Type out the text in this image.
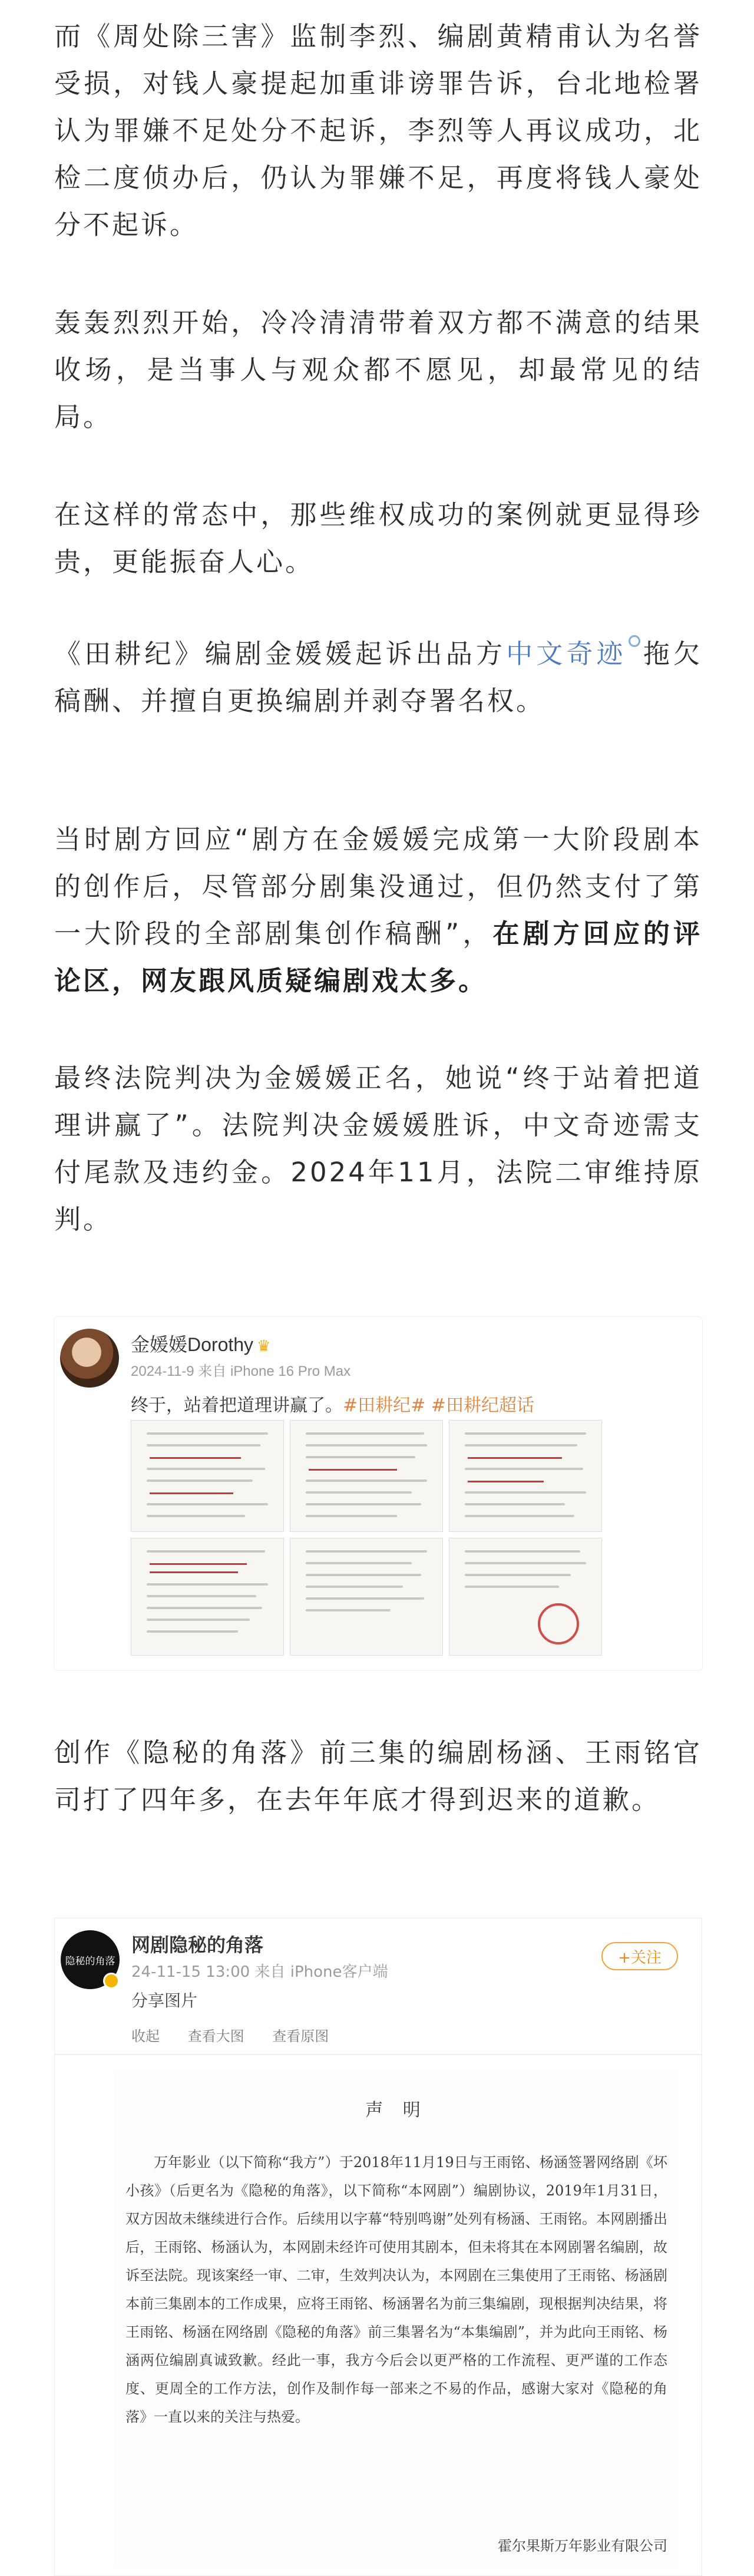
而《周处除三害》监制李烈、编剧黄精甫认为名誉受损，对钱人豪提起加重诽谤罪告诉，台北地检署认为罪嫌不足处分不起诉，李烈等人再议成功，北检二度侦办后，仍认为罪嫌不足，再度将钱人豪处分不起诉。
轰轰烈烈开始，冷冷清清带着双方都不满意的结果收场，是当事人与观众都不愿见，却最常见的结局。
在这样的常态中，那些维权成功的案例就更显得珍贵，更能振奋人心。
《田耕纪》编剧金媛媛起诉出品方中文奇迹 拖欠稿酬、并擅自更换编剧并剥夺署名权。
当时剧方回应“剧方在金媛媛完成第一大阶段剧本的创作后，尽管部分剧集没通过，但仍然支付了第一大阶段的全部剧集创作稿酬”，在剧方回应的评论区，网友跟风质疑编剧戏太多。
最终法院判决为金媛媛正名，她说“终于站着把道理讲赢了”。法院判决金媛媛胜诉，中文奇迹需支付尾款及违约金。2024年11月，法院二审维持原判。
金媛媛Dorothy ♛
2024-11-9 来自 iPhone 16 Pro Max
终于，站着把道理讲赢了。#田耕纪# #田耕纪超话
创作《隐秘的角落》前三集的编剧杨涵、王雨铭官司打了四年多，在去年年底才得到迟来的道歉。
隐秘的角落
网剧隐秘的角落
24-11-15 13:00 来自 iPhone客户端
分享图片
+关注
收起 查看大图 查看原图
声 明
万年影业（以下简称“我方”）于2018年11月19日与王雨铭、杨涵签署网络剧《坏小孩》（后更名为《隐秘的角落》，以下简称“本网剧”）编剧协议，2019年1月31日，双方因故未继续进行合作。后续用以字幕“特别鸣谢”处列有杨涵、王雨铭。本网剧播出后，王雨铭、杨涵认为，本网剧未经许可使用其剧本，但未将其在本网剧署名编剧，故诉至法院。现该案经一审、二审，生效判决认为，本网剧在三集使用了王雨铭、杨涵剧本前三集剧本的工作成果，应将王雨铭、杨涵署名为前三集编剧，现根据判决结果，将王雨铭、杨涵在网络剧《隐秘的角落》前三集署名为“本集编剧”，并为此向王雨铭、杨涵两位编剧真诚致歉。经此一事，我方今后会以更严格的工作流程、更严谨的工作态度、更周全的工作方法，创作及制作每一部来之不易的作品，感谢大家对《隐秘的角落》一直以来的关注与热爱。
霍尔果斯万年影业有限公司
